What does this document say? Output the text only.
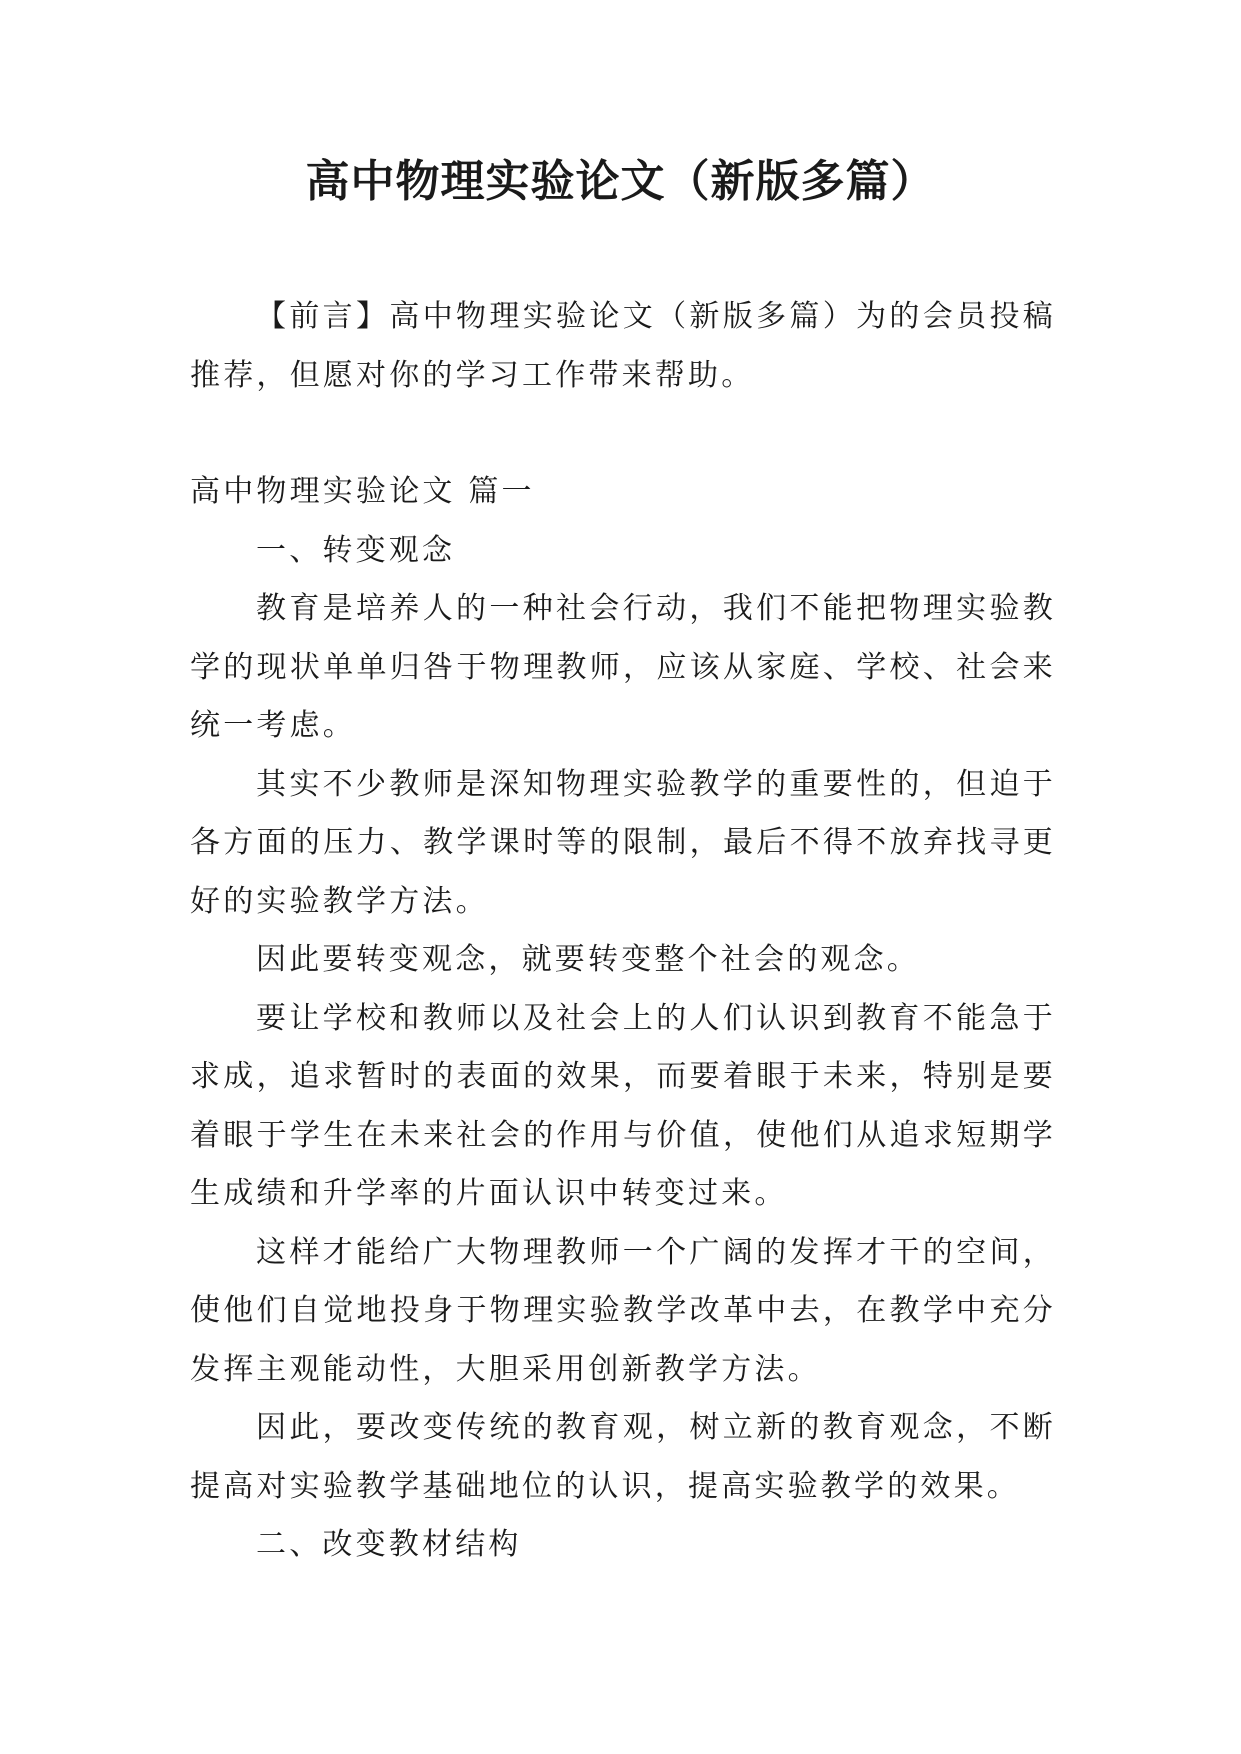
高中物理实验论文（新版多篇）

【前言】高中物理实验论文（新版多篇）为的会员投稿推荐，但愿对你的学习工作带来帮助。

高中物理实验论文 篇一

一、转变观念

教育是培养人的一种社会行动，我们不能把物理实验教学的现状单单归咎于物理教师，应该从家庭、学校、社会来统一考虑。

其实不少教师是深知物理实验教学的重要性的，但迫于各方面的压力、教学课时等的限制，最后不得不放弃找寻更好的实验教学方法。

因此要转变观念，就要转变整个社会的观念。

要让学校和教师以及社会上的人们认识到教育不能急于求成，追求暂时的表面的效果，而要着眼于未来，特别是要着眼于学生在未来社会的作用与价值，使他们从追求短期学生成绩和升学率的片面认识中转变过来。

这样才能给广大物理教师一个广阔的发挥才干的空间，使他们自觉地投身于物理实验教学改革中去，在教学中充分发挥主观能动性，大胆采用创新教学方法。

因此，要改变传统的教育观，树立新的教育观念，不断提高对实验教学基础地位的认识，提高实验教学的效果。

二、改变教材结构
